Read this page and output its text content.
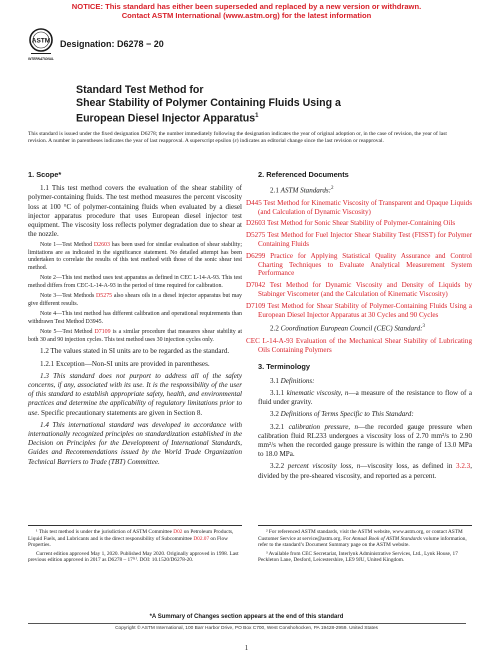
NOTICE: This standard has either been superseded and replaced by a new version or withdrawn.
Contact ASTM International (www.astm.org) for the latest information
ASTM
INTERNATIONAL
Designation: D6278 − 20
Standard Test Method for
Shear Stability of Polymer Containing Fluids Using a
European Diesel Injector Apparatus$^1$
This standard is issued under the fixed designation D6278; the number immediately following the designation indicates the year of original adoption or, in the case of revision, the year of last revision. A number in parentheses indicates the year of last reapproval. A superscript epsilon (ε) indicates an editorial change since the last revision or reapproval.
1. Scope*

1.1 This test method covers the evaluation of the shear stability of polymer-containing fluids. The test method measures the percent viscosity loss at 100 °C of polymer-containing fluids when evaluated by a diesel injector apparatus procedure that uses European diesel injector test equipment. The viscosity loss reflects polymer degradation due to shear at the nozzle.

Note 1—Test Method D2603 has been used for similar evaluation of shear stability; limitations are as indicated in the significance statement. No detailed attempt has been undertaken to correlate the results of this test method with those of the sonic shear test method.

Note 2—This test method uses test apparatus as defined in CEC L-14-A-93. This test method differs from CEC-L-14-A-93 in the period of time required for calibration.

Note 3—Test Methods D5275 also shears oils in a diesel injector apparatus but may give different results.

Note 4—This test method has different calibration and operational requirements than withdrawn Test Method D3945.

Note 5—Test Method D7109 is a similar procedure that measures shear stability at both 30 and 90 injection cycles. This test method uses 30 injection cycles only.

1.2 The values stated in SI units are to be regarded as the standard.

1.2.1 Exception—Non-SI units are provided in parentheses.

1.3 This standard does not purport to address all of the safety concerns, if any, associated with its use. It is the responsibility of the user of this standard to establish appropriate safety, health, and environmental practices and determine the applicability of regulatory limitations prior to use. Specific precautionary statements are given in Section 8.

1.4 This international standard was developed in accordance with internationally recognized principles on standardization established in the Decision on Principles for the Development of International Standards, Guides and Recommendations issued by the World Trade Organization Technical Barriers to Trade (TBT) Committee.

2. Referenced Documents

2.1 ASTM Standards:$^2$

D445 Test Method for Kinematic Viscosity of Transparent and Opaque Liquids (and Calculation of Dynamic Viscosity)

D2603 Test Method for Sonic Shear Stability of Polymer-Containing Oils

D5275 Test Method for Fuel Injector Shear Stability Test (FISST) for Polymer Containing Fluids

D6299 Practice for Applying Statistical Quality Assurance and Control Charting Techniques to Evaluate Analytical Measurement System Performance

D7042 Test Method for Dynamic Viscosity and Density of Liquids by Stabinger Viscometer (and the Calculation of Kinematic Viscosity)

D7109 Test Method for Shear Stability of Polymer-Containing Fluids Using a European Diesel Injector Apparatus at 30 Cycles and 90 Cycles

2.2 Coordination European Council (CEC) Standard:$^3$

CEC L-14-A-93 Evaluation of the Mechanical Shear Stability of Lubricating Oils Containing Polymers

3. Terminology

3.1 Definitions:

3.1.1 kinematic viscosity, n—a measure of the resistance to flow of a fluid under gravity.

3.2 Definitions of Terms Specific to This Standard:

3.2.1 calibration pressure, n—the recorded gauge pressure when calibration fluid RL233 undergoes a viscosity loss of 2.70 mm²/s to 2.90 mm²/s when the recorded gauge pressure is within the range of 13.0 MPa to 18.0 MPa.

3.2.2 percent viscosity loss, n—viscosity loss, as defined in 3.2.3, divided by the pre-sheared viscosity, and reported as a percent.

¹ This test method is under the jurisdiction of ASTM Committee D02 on Petroleum Products, Liquid Fuels, and Lubricants and is the direct responsibility of Subcommittee D02.07 on Flow Properties.

Current edition approved May 1, 2020. Published May 2020. Originally approved in 1998. Last previous edition approved in 2017 as D6278 – 17⁽¹⁾. DOI: 10.1520/D6278-20.

² For referenced ASTM standards, visit the ASTM website, www.astm.org, or contact ASTM Customer Service at service@astm.org. For Annual Book of ASTM Standards volume information, refer to the standard’s Document Summary page on the ASTM website.

³ Available from CEC Secretariat, Interlynk Administrative Services, Ltd., Lynk House, 17 Peckleton Lane, Desford, Leicestershire, LE9 9JU, United Kingdom.

*A Summary of Changes section appears at the end of this standard
Copyright © ASTM International, 100 Barr Harbor Drive, PO Box C700, West Conshohocken, PA 19428-2959. United States
1
